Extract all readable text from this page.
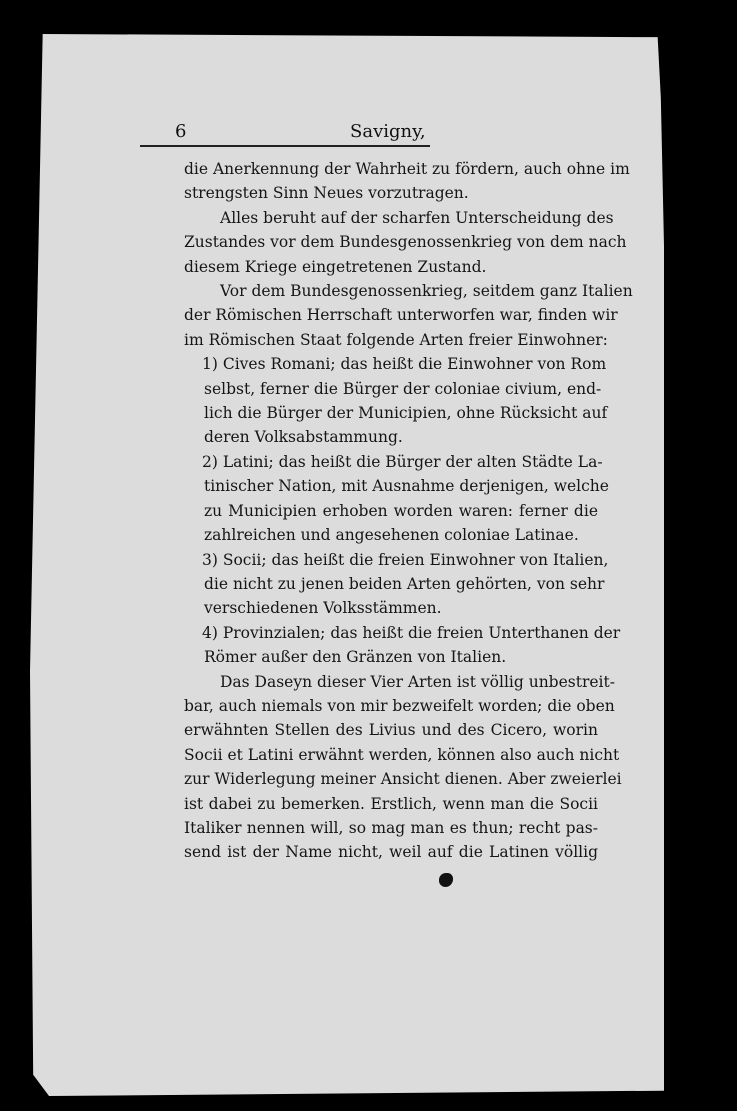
6	Savigny,
die Anerkennung der Wahrheit zu fördern, auch ohne im
strengsten Sinn Neues vorzutragen.
Alles beruht auf der scharfen Unterscheidung des
Zustandes vor dem Bundesgenossenkrieg von dem nach
diesem Kriege eingetretenen Zustand.
Vor dem Bundesgenossenkrieg, seitdem ganz Italien
der Römischen Herrschaft unterworfen war, finden wir
im Römischen Staat folgende Arten freier Einwohner:
1) Cives Romani; das heißt die Einwohner von Rom
selbst, ferner die Bürger der coloniae civium, end-
lich die Bürger der Municipien, ohne Rücksicht auf
deren Volksabstammung.
2) Latini; das heißt die Bürger der alten Städte La-
tinischer Nation, mit Ausnahme derjenigen, welche
zu Municipien erhoben worden waren: ferner die
zahlreichen und angesehenen coloniae Latinae.
3) Socii; das heißt die freien Einwohner von Italien,
die nicht zu jenen beiden Arten gehörten, von sehr
verschiedenen Volksstämmen.
4) Provinzialen; das heißt die freien Unterthanen der
Römer außer den Gränzen von Italien.
Das Daseyn dieser Vier Arten ist völlig unbestreit-
bar, auch niemals von mir bezweifelt worden; die oben
erwähnten Stellen des Livius und des Cicero, worin
Socii et Latini erwähnt werden, können also auch nicht
zur Widerlegung meiner Ansicht dienen. Aber zweierlei
ist dabei zu bemerken. Erstlich, wenn man die Socii
Italiker nennen will, so mag man es thun; recht pas-
send ist der Name nicht, weil auf die Latinen völlig
